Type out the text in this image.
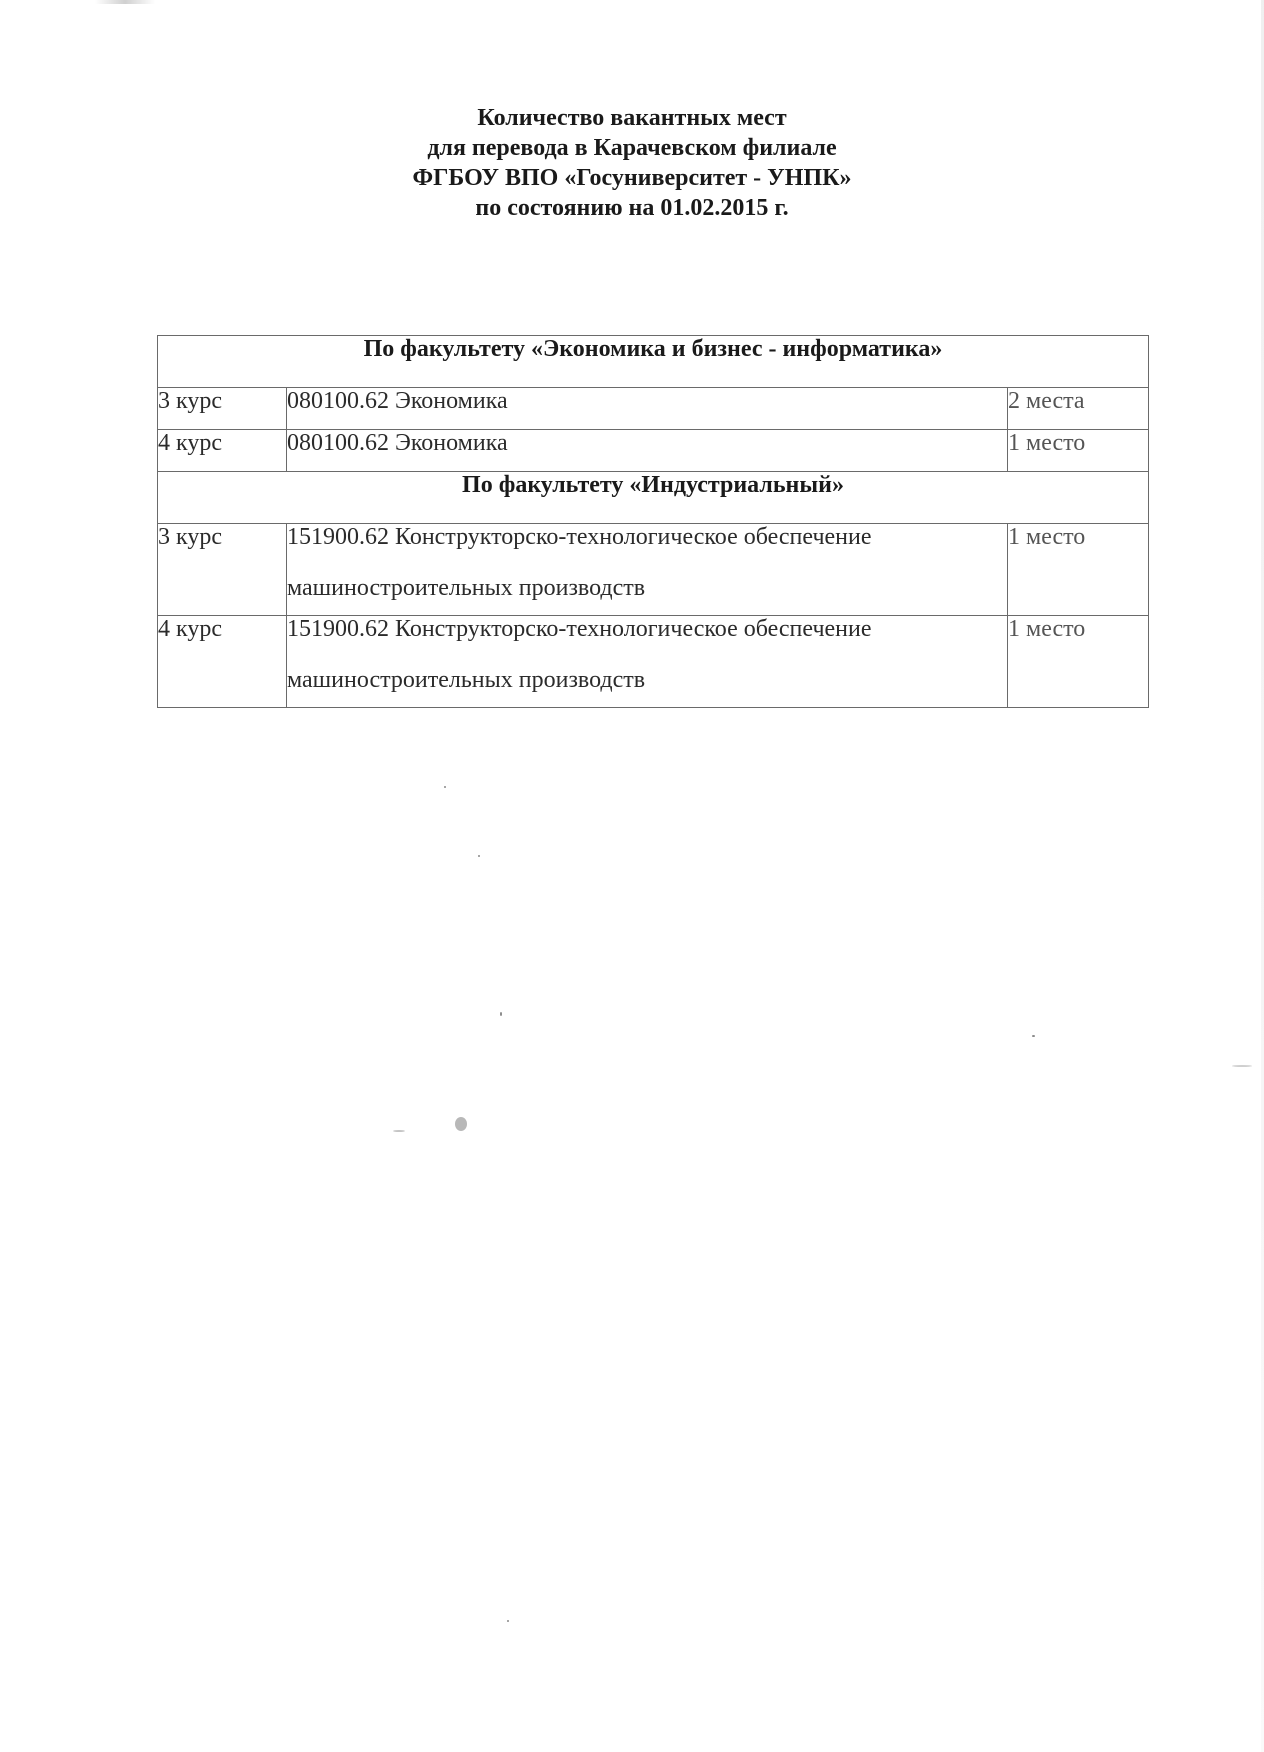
Количество вакантных мест
для перевода в Карачевском филиале
ФГБОУ ВПО «Госуниверситет - УНПК»
по состоянию на 01.02.2015 г.
По факультету «Экономика и бизнес - информатика»		
3 курс	080100.62 Экономика	2 места
4 курс	080100.62 Экономика	1 место
По факультету «Индустриальный»		
3 курс	151900.62 Конструкторско-технологическое обеспечение машиностроительных производств	1 место
4 курс	151900.62 Конструкторско-технологическое обеспечение машиностроительных производств	1 место
